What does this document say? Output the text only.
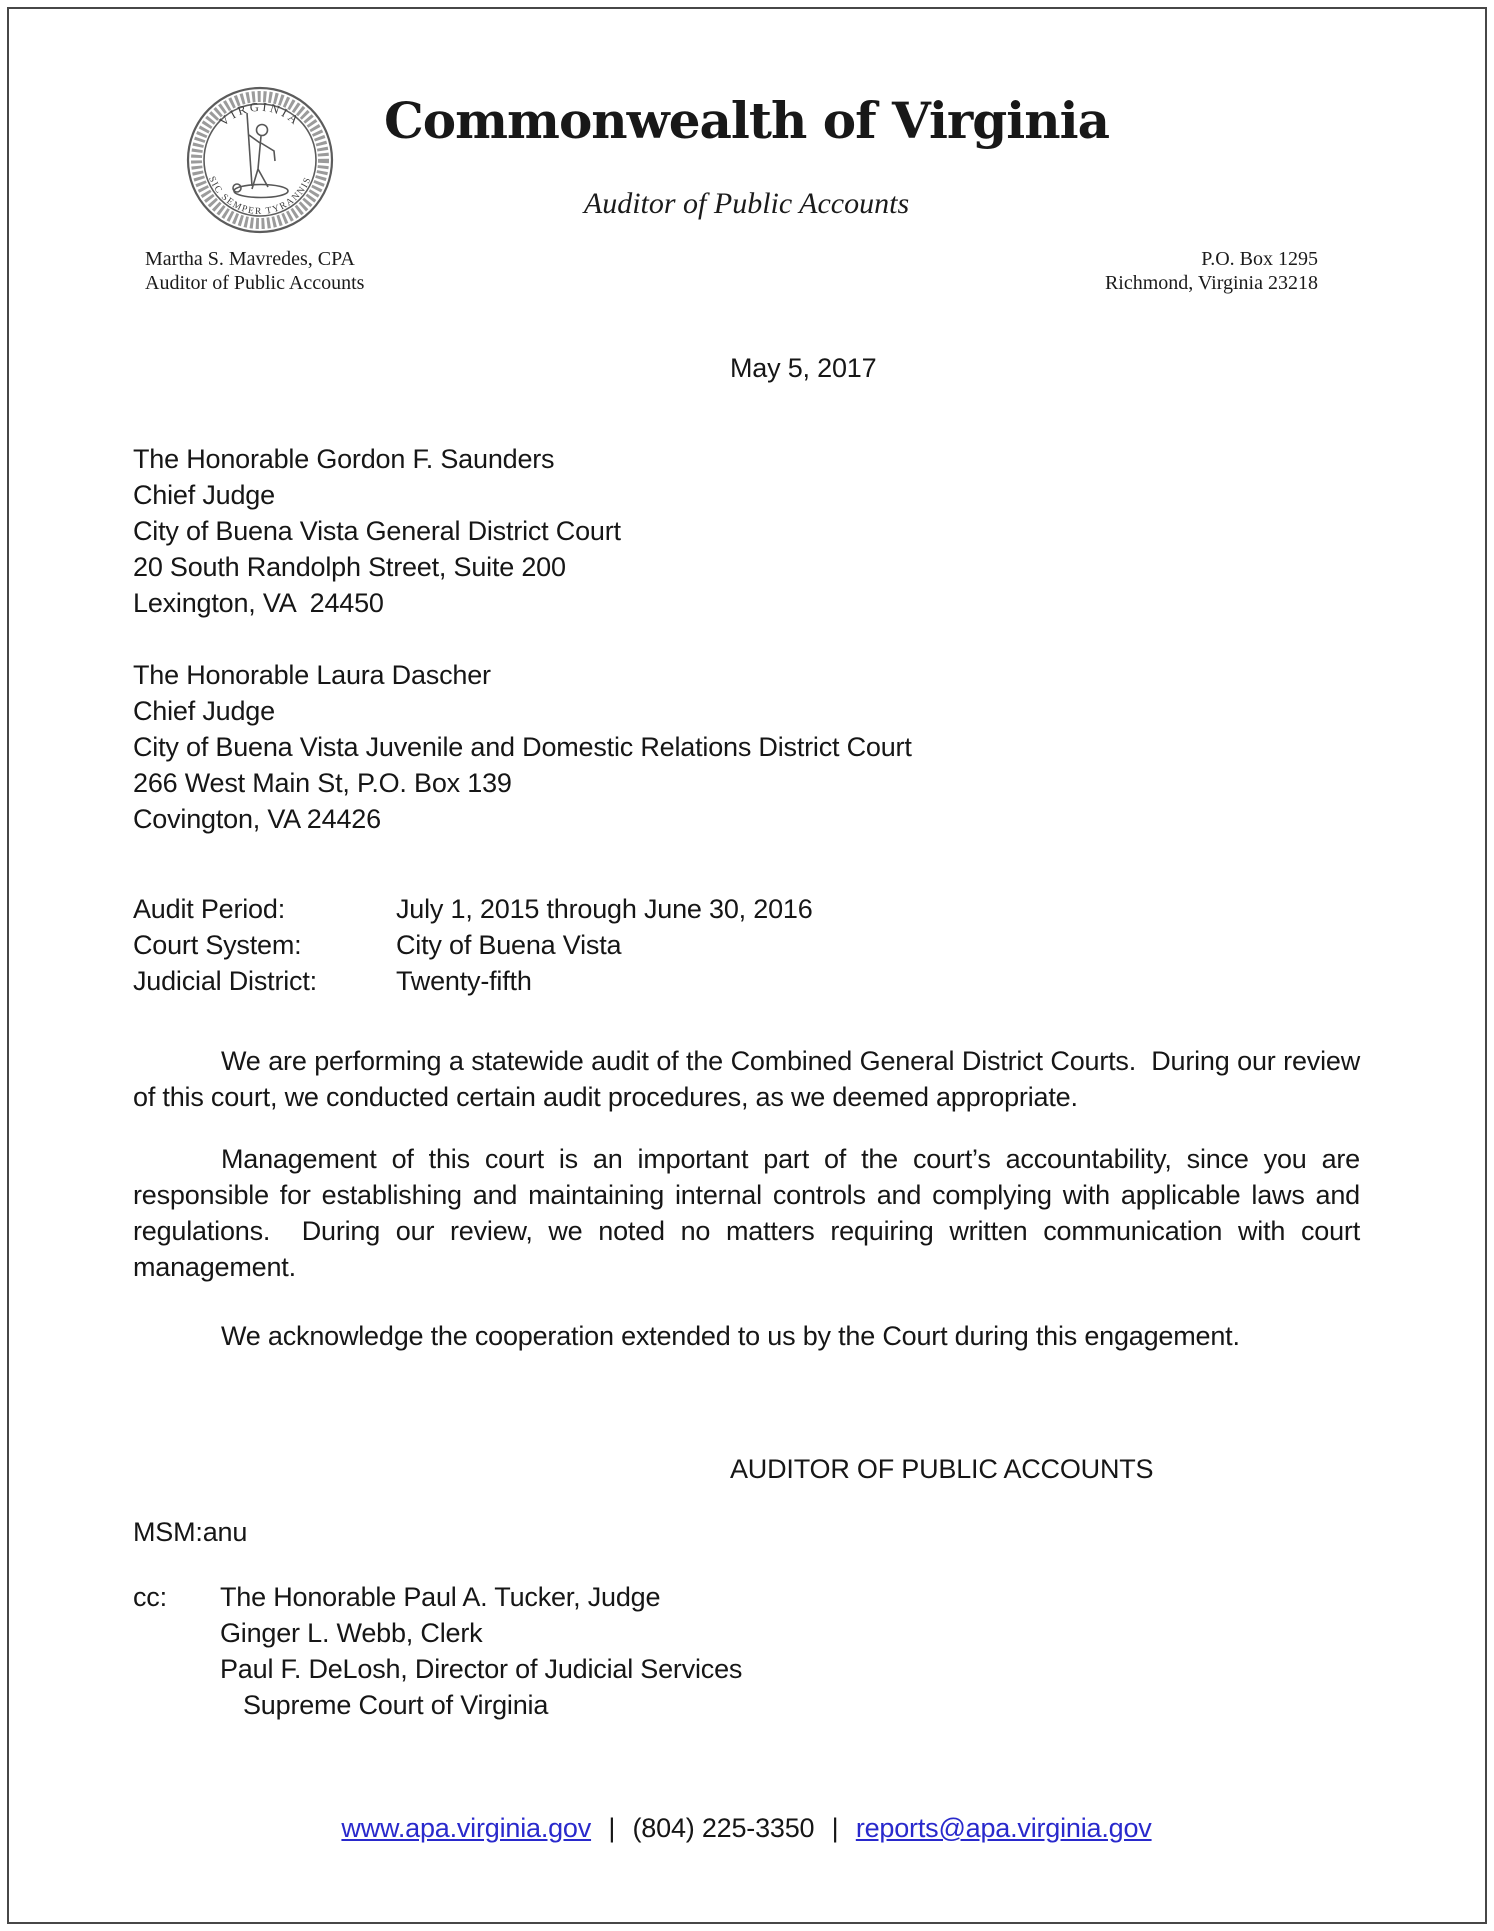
VIRGINIA
SIC SEMPER TYRANNIS
Commonwealth of Virginia
Auditor of Public Accounts
Martha S. Mavredes, CPA
Auditor of Public Accounts
P.O. Box 1295
Richmond, Virginia 23218
May 5, 2017
The Honorable Gordon F. Saunders
Chief Judge
City of Buena Vista General District Court
20 South Randolph Street, Suite 200
Lexington, VA  24450
The Honorable Laura Dascher
Chief Judge
City of Buena Vista Juvenile and Domestic Relations District Court
266 West Main St, P.O. Box 139
Covington, VA 24426
Audit Period:	July 1, 2015 through June 30, 2016
Court System:	City of Buena Vista
Judicial District:	Twenty-fifth
We are performing a statewide audit of the Combined General District Courts.  During our review of this court, we conducted certain audit procedures, as we deemed appropriate.
Management of this court is an important part of the court’s accountability, since you are responsible for establishing and maintaining internal controls and complying with applicable laws and regulations.  During our review, we noted no matters requiring written communication with court management.
We acknowledge the cooperation extended to us by the Court during this engagement.
AUDITOR OF PUBLIC ACCOUNTS
MSM:anu
cc:	The Honorable Paul A. Tucker, Judge
Ginger L. Webb, Clerk
Paul F. DeLosh, Director of Judicial Services
Supreme Court of Virginia
www.apa.virginia.gov | (804) 225-3350 | reports@apa.virginia.gov
